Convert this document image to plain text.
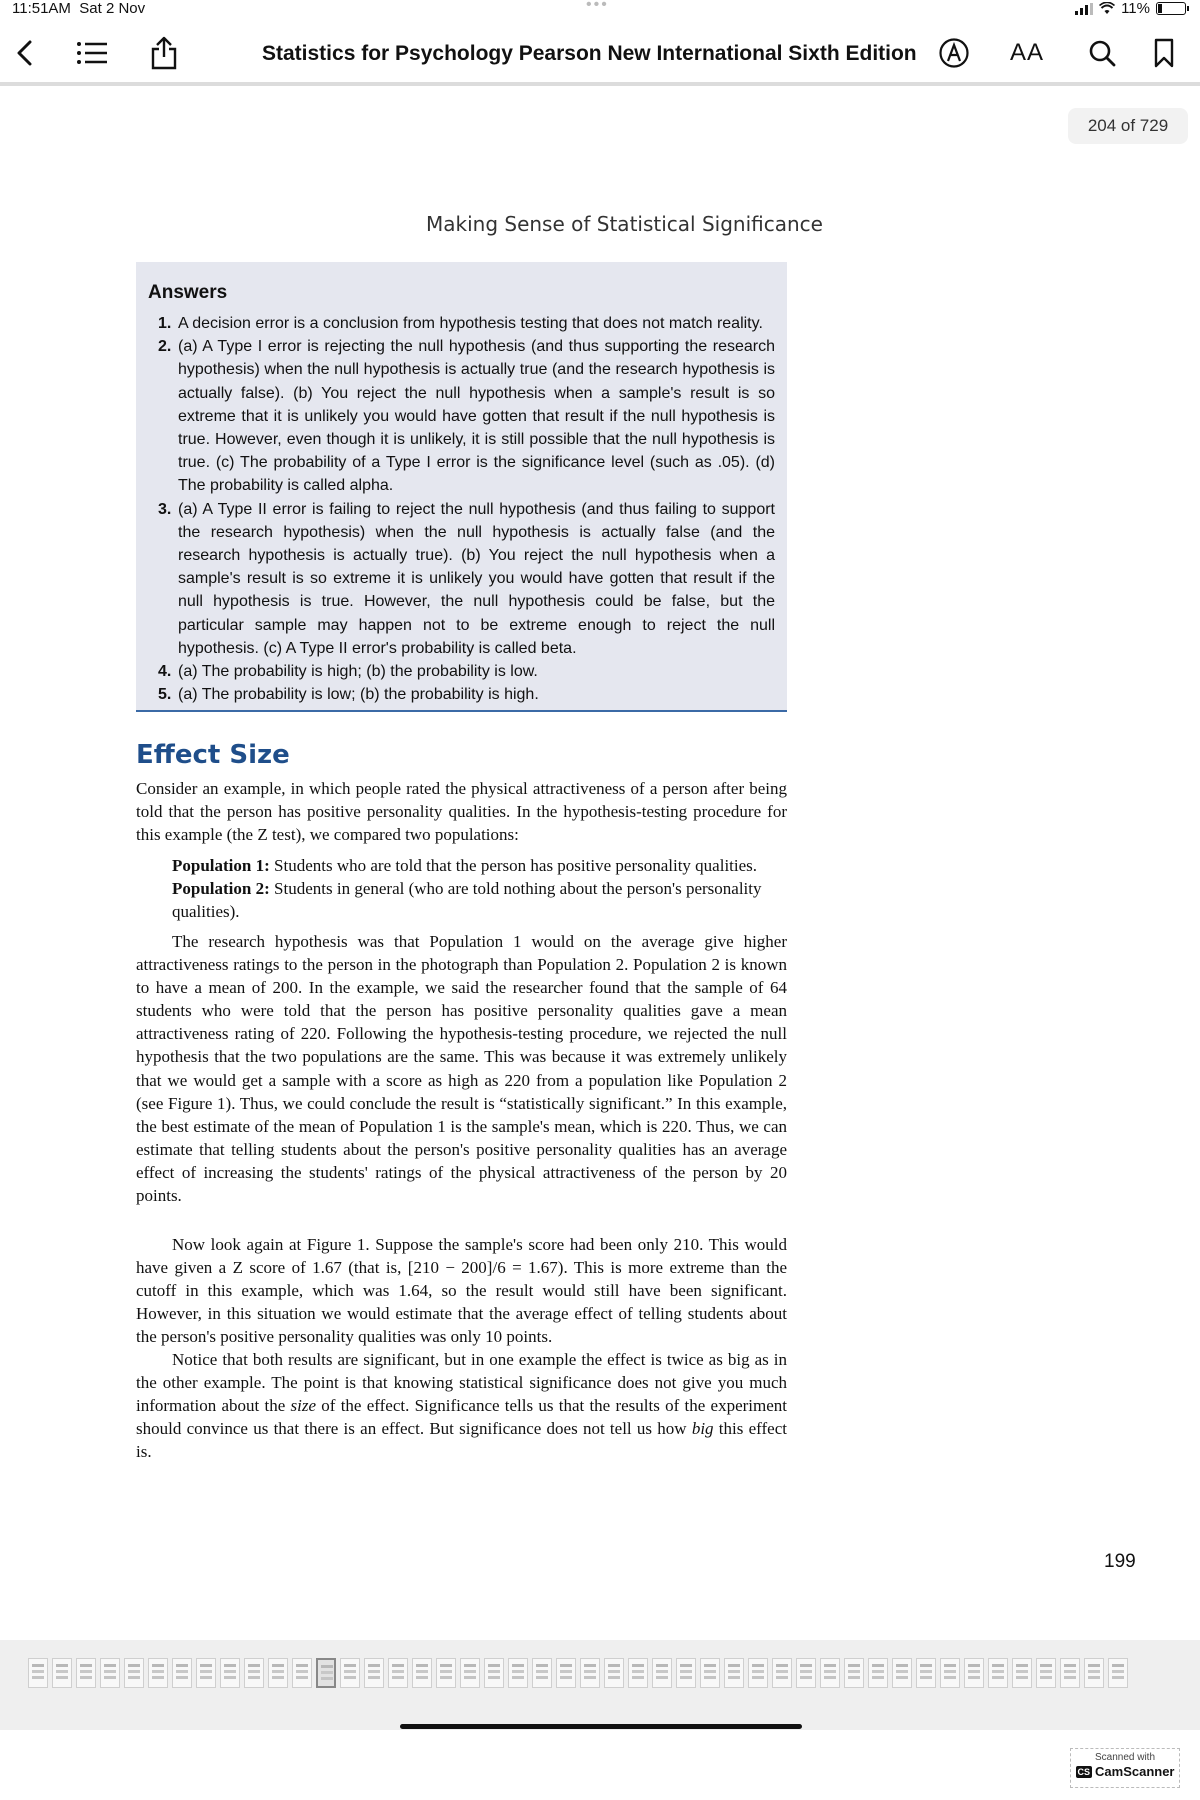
11:51AM Sat 2 Nov	•••	11%
Statistics for Psychology Pearson New International Sixth Edition	AA
204 of 729
Making Sense of Statistical Significance
Answers
1. A decision error is a conclusion from hypothesis testing that does not match reality.
2. (a) A Type I error is rejecting the null hypothesis (and thus supporting the research hypothesis) when the null hypothesis is actually true (and the research hypothesis is actually false). (b) You reject the null hypothesis when a sample's result is so extreme that it is unlikely you would have gotten that result if the null hypothesis is true. However, even though it is unlikely, it is still possible that the null hypothesis is true. (c) The probability of a Type I error is the significance level (such as .05). (d) The probability is called alpha.
3. (a) A Type II error is failing to reject the null hypothesis (and thus failing to support the research hypothesis) when the null hypothesis is actually false (and the research hypothesis is actually true). (b) You reject the null hypothesis when a sample's result is so extreme it is unlikely you would have gotten that result if the null hypothesis is true. However, the null hypothesis could be false, but the particular sample may happen not to be extreme enough to reject the null hypothesis. (c) A Type II error's probability is called beta.
4. (a) The probability is high; (b) the probability is low.
5. (a) The probability is low; (b) the probability is high.
Effect Size

Consider an example, in which people rated the physical attractiveness of a person after being told that the person has positive personality qualities. In the hypothesis-testing procedure for this example (the Z test), we compared two populations:

Population 1: Students who are told that the person has positive personality qualities.
Population 2: Students in general (who are told nothing about the person's personality qualities).

The research hypothesis was that Population 1 would on the average give higher attractiveness ratings to the person in the photograph than Population 2. Population 2 is known to have a mean of 200. In the example, we said the researcher found that the sample of 64 students who were told that the person has positive personality qualities gave a mean attractiveness rating of 220. Following the hypothesis-testing procedure, we rejected the null hypothesis that the two populations are the same. This was because it was extremely unlikely that we would get a sample with a score as high as 220 from a population like Population 2 (see Figure 1). Thus, we could conclude the result is “statistically significant.” In this example, the best estimate of the mean of Population 1 is the sample's mean, which is 220. Thus, we can estimate that telling students about the person's positive personality qualities has an average effect of increasing the students' ratings of the physical attractiveness of the person by 20 points.

Now look again at Figure 1. Suppose the sample's score had been only 210. This would have given a Z score of 1.67 (that is, [210 − 200]/6 = 1.67). This is more extreme than the cutoff in this example, which was 1.64, so the result would still have been significant. However, in this situation we would estimate that the average effect of telling students about the person's positive personality qualities was only 10 points.

Notice that both results are significant, but in one example the effect is twice as big as in the other example. The point is that knowing statistical significance does not give you much information about the size of the effect. Significance tells us that the results of the experiment should convince us that there is an effect. But significance does not tell us how big this effect is.

199
Scanned with
CS CamScanner
